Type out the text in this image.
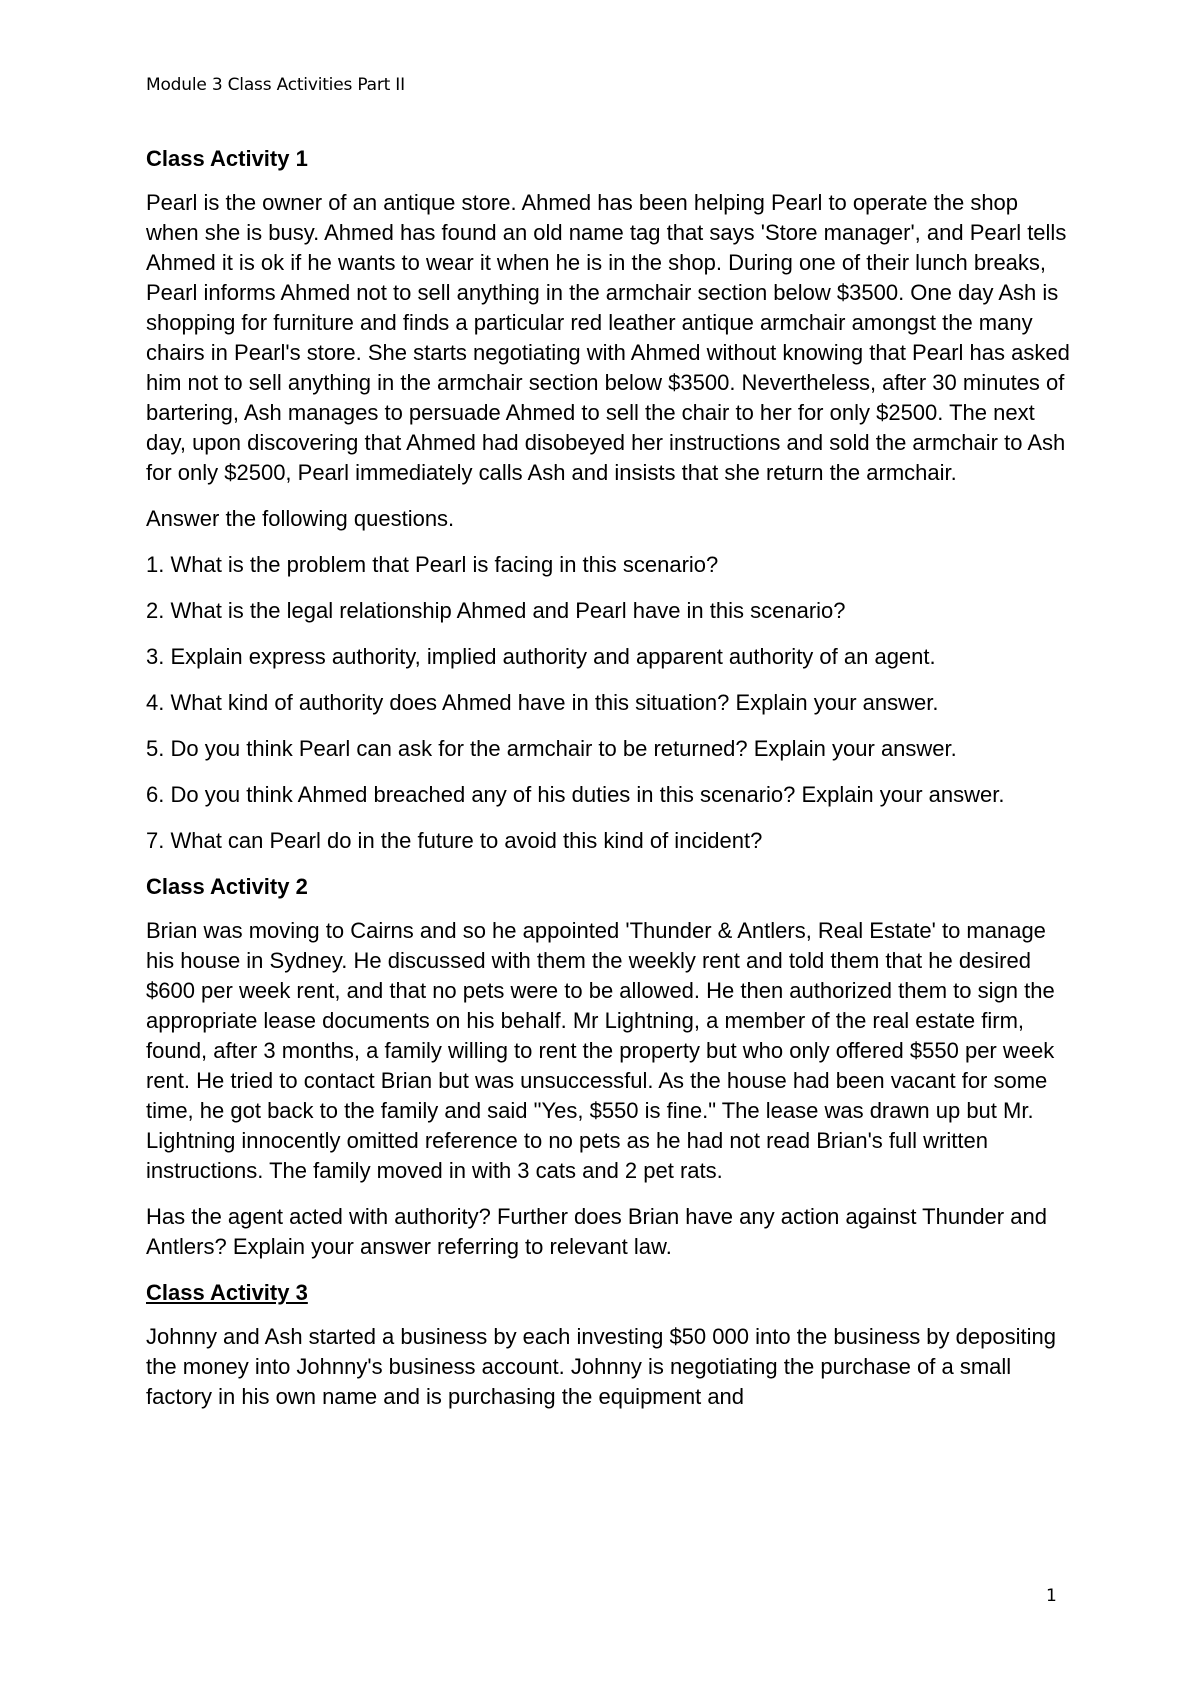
Module 3 Class Activities Part II
Class Activity 1

Pearl is the owner of an antique store. Ahmed has been helping Pearl to operate the shop when she is busy. Ahmed has found an old name tag that says 'Store manager', and Pearl tells Ahmed it is ok if he wants to wear it when he is in the shop. During one of their lunch breaks, Pearl informs Ahmed not to sell anything in the armchair section below $3500. One day Ash is shopping for furniture and finds a particular red leather antique armchair amongst the many chairs in Pearl's store. She starts negotiating with Ahmed without knowing that Pearl has asked him not to sell anything in the armchair section below $3500. Nevertheless, after 30 minutes of bartering, Ash manages to persuade Ahmed to sell the chair to her for only $2500. The next day, upon discovering that Ahmed had disobeyed her instructions and sold the armchair to Ash for only $2500, Pearl immediately calls Ash and insists that she return the armchair.

Answer the following questions.

1. What is the problem that Pearl is facing in this scenario?

2. What is the legal relationship Ahmed and Pearl have in this scenario?

3. Explain express authority, implied authority and apparent authority of an agent.

4. What kind of authority does Ahmed have in this situation? Explain your answer.

5. Do you think Pearl can ask for the armchair to be returned? Explain your answer.

6. Do you think Ahmed breached any of his duties in this scenario? Explain your answer.

7. What can Pearl do in the future to avoid this kind of incident?

Class Activity 2

Brian was moving to Cairns and so he appointed 'Thunder & Antlers, Real Estate' to manage his house in Sydney. He discussed with them the weekly rent and told them that he desired $600 per week rent, and that no pets were to be allowed. He then authorized them to sign the appropriate lease documents on his behalf. Mr Lightning, a member of the real estate firm, found, after 3 months, a family willing to rent the property but who only offered $550 per week rent. He tried to contact Brian but was unsuccessful. As the house had been vacant for some time, he got back to the family and said "Yes, $550 is fine." The lease was drawn up but Mr. Lightning innocently omitted reference to no pets as he had not read Brian's full written instructions. The family moved in with 3 cats and 2 pet rats.

Has the agent acted with authority? Further does Brian have any action against Thunder and Antlers? Explain your answer referring to relevant law.

Class Activity 3

Johnny and Ash started a business by each investing $50 000 into the business by depositing the money into Johnny's business account. Johnny is negotiating the purchase of a small factory in his own name and is purchasing the equipment and

1
